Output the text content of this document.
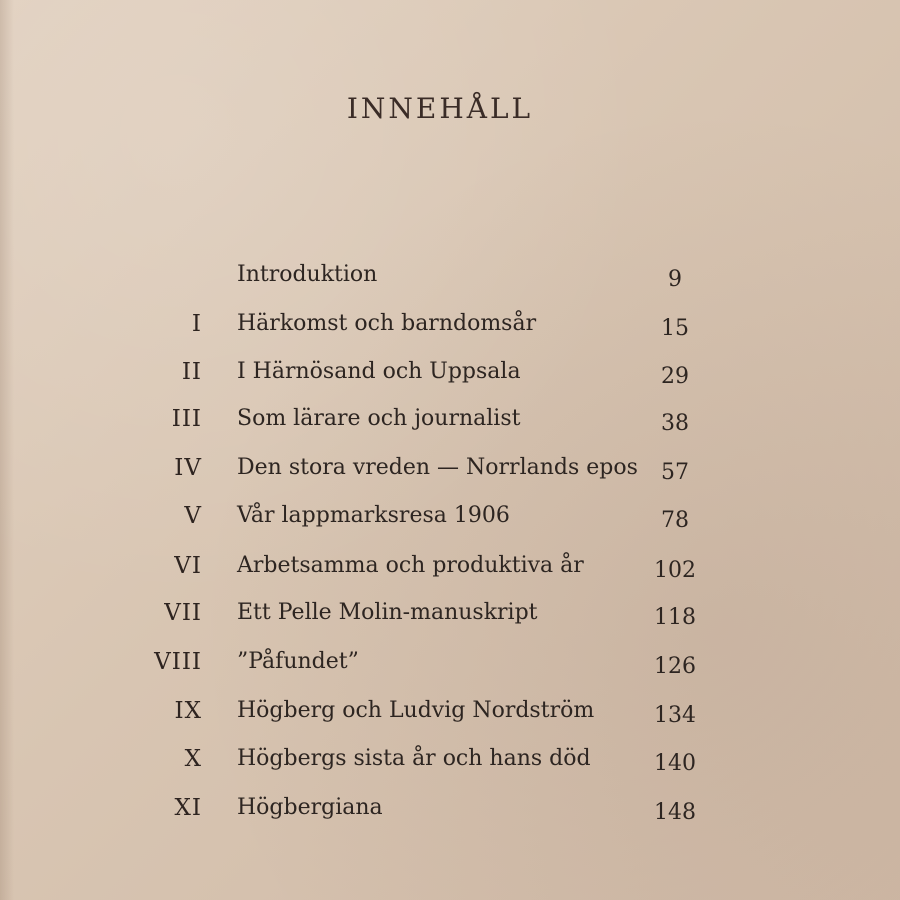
INNEHÅLL
Introduktion	9
I Härkomst och barndomsår	15
II I Härnösand och Uppsala	29
III Som lärare och journalist	38
IV Den stora vreden — Norrlands epos	57
V Vår lappmarksresa 1906	78
VI Arbetsamma och produktiva år	102
VII Ett Pelle Molin-manuskript	118
VIII ”Påfundet”	126
IX Högberg och Ludvig Nordström	134
X Högbergs sista år och hans död	140
XI Högbergiana	148
